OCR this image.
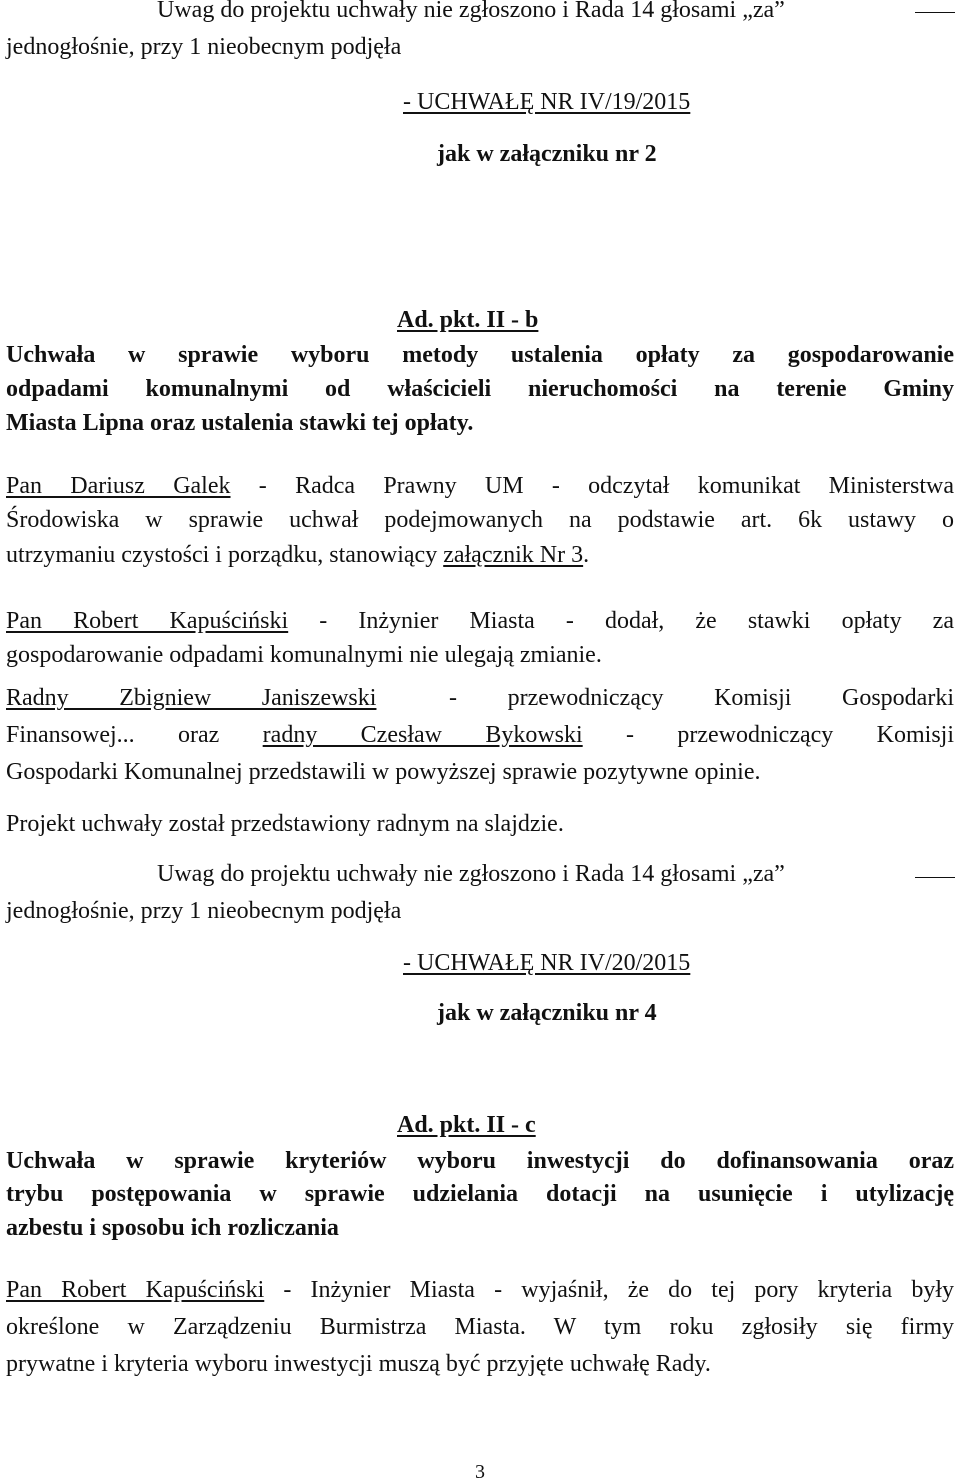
Uwag do projektu uchwały nie zgłoszono i Rada 14 głosami „za”
jednogłośnie, przy 1 nieobecnym podjęła
- UCHWAŁĘ NR IV/19/2015
jak w załączniku nr 2
Ad. pkt. II - b
Uchwała w sprawie wyboru metody ustalenia opłaty za gospodarowanie
odpadami komunalnymi od właścicieli nieruchomości na terenie Gminy
Miasta Lipna oraz ustalenia stawki tej opłaty.
Pan Dariusz Galek - Radca Prawny UM - odczytał komunikat Ministerstwa
Środowiska w sprawie uchwał podejmowanych na podstawie art. 6k ustawy o
utrzymaniu czystości i porządku, stanowiący załącznik Nr 3.
Pan Robert Kapuściński - Inżynier Miasta - dodał, że stawki opłaty za
gospodarowanie odpadami komunalnymi nie ulegają zmianie.
Radny Zbigniew Janiszewski - przewodniczący Komisji Gospodarki
Finansowej... oraz radny Czesław Bykowski - przewodniczący Komisji
Gospodarki Komunalnej przedstawili w powyższej sprawie pozytywne opinie.
Projekt uchwały został przedstawiony radnym na slajdzie.
Uwag do projektu uchwały nie zgłoszono i Rada 14 głosami „za”
jednogłośnie, przy 1 nieobecnym podjęła
- UCHWAŁĘ NR IV/20/2015
jak w załączniku nr 4
Ad. pkt. II - c
Uchwała w sprawie kryteriów wyboru inwestycji do dofinansowania oraz
trybu postępowania w sprawie udzielania dotacji na usunięcie i utylizację
azbestu i sposobu ich rozliczania
Pan Robert Kapuściński - Inżynier Miasta - wyjaśnił, że do tej pory kryteria były
określone w Zarządzeniu Burmistrza Miasta. W tym roku zgłosiły się firmy
prywatne i kryteria wyboru inwestycji muszą być przyjęte uchwałę Rady.
3
